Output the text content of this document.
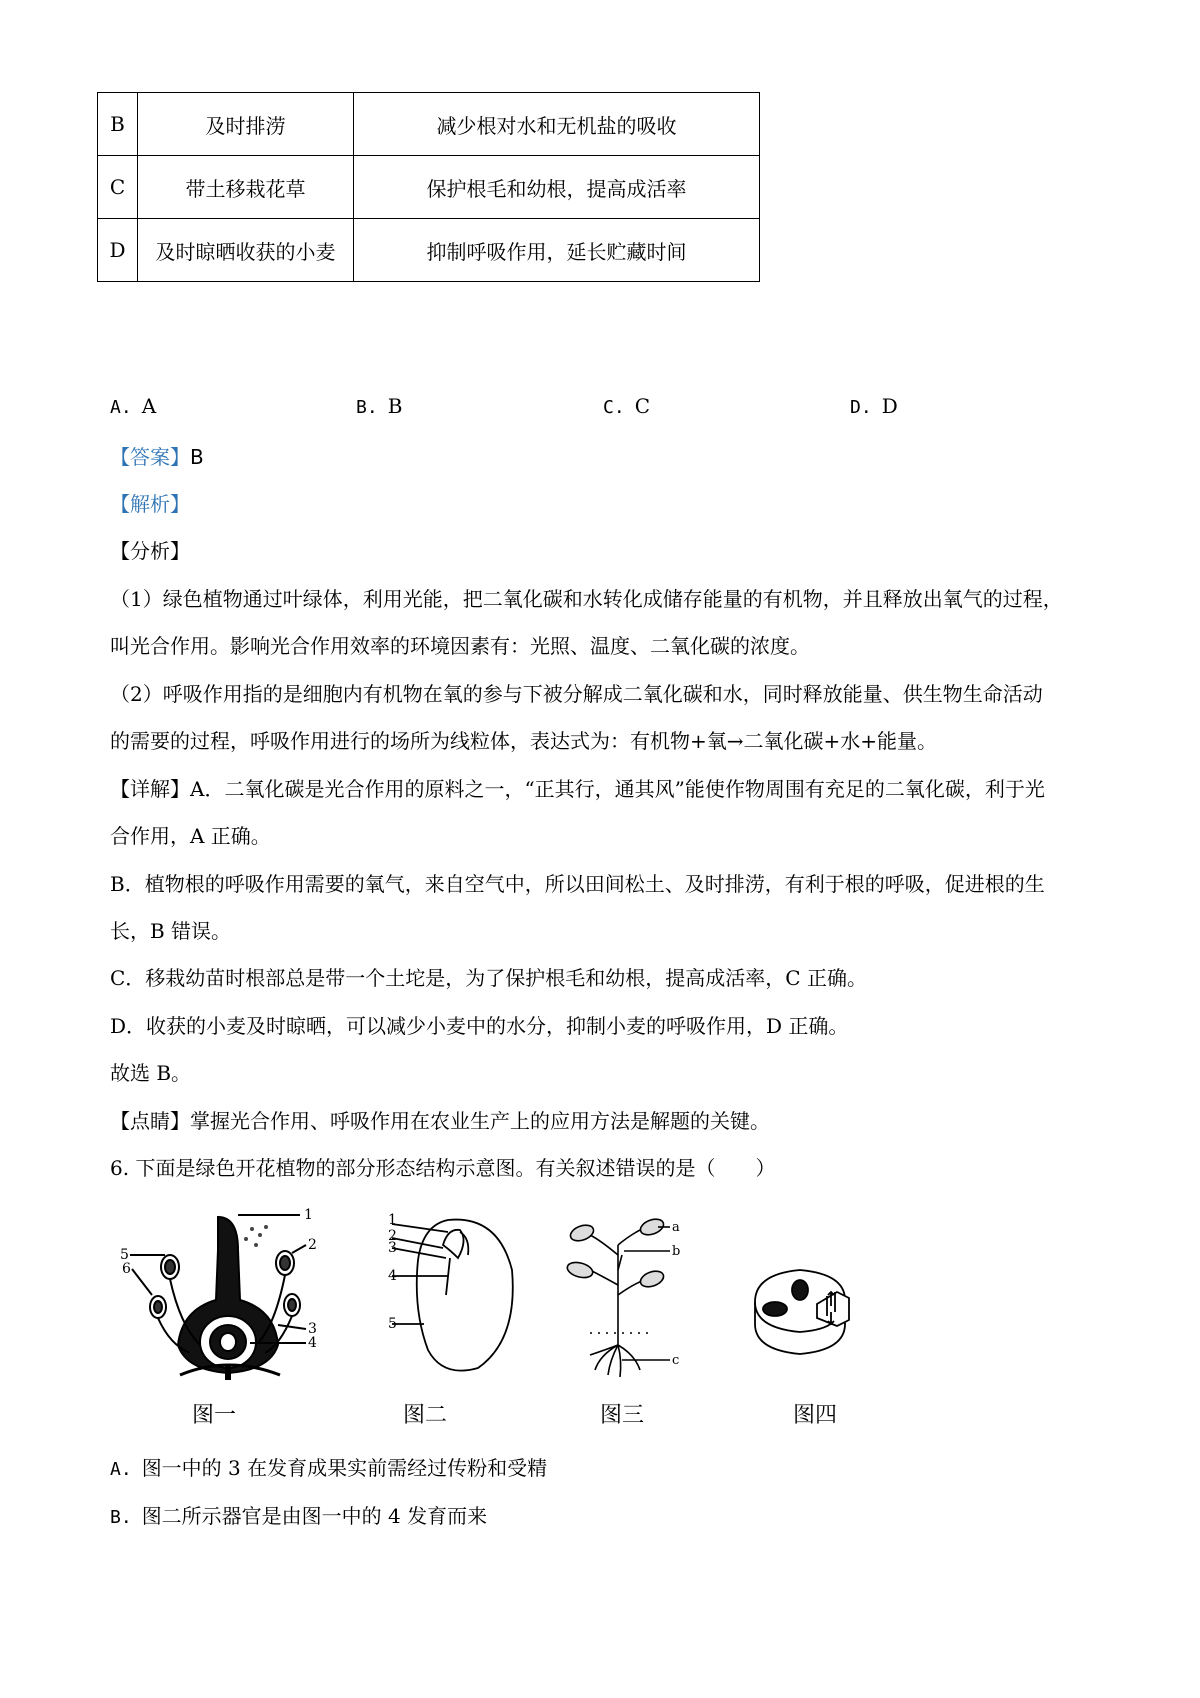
B	及时排涝	减少根对水和无机盐的吸收
C	带土移栽花草	保护根毛和幼根，提高成活率
D	及时晾晒收获的小麦	抑制呼吸作用，延长贮藏时间
A. A	B. B	C. C	D. D
【答案】B
【解析】
【分析】
（1）绿色植物通过叶绿体，利用光能，把二氧化碳和水转化成储存能量的有机物，并且释放出氧气的过程，
叫光合作用。影响光合作用效率的环境因素有：光照、温度、二氧化碳的浓度。
（2）呼吸作用指的是细胞内有机物在氧的参与下被分解成二氧化碳和水，同时释放能量、供生物生命活动
的需要的过程，呼吸作用进行的场所为线粒体，表达式为：有机物+氧→二氧化碳+水+能量。
【详解】A．二氧化碳是光合作用的原料之一，“正其行，通其风”能使作物周围有充足的二氧化碳，利于光
合作用，A 正确。
B．植物根的呼吸作用需要的氧气，来自空气中，所以田间松土、及时排涝，有利于根的呼吸，促进根的生
长，B 错误。
C．移栽幼苗时根部总是带一个土坨是，为了保护根毛和幼根，提高成活率，C 正确。
D．收获的小麦及时晾晒，可以减少小麦中的水分，抑制小麦的呼吸作用，D 正确。
故选 B。
【点睛】掌握光合作用、呼吸作用在农业生产上的应用方法是解题的关键。
6. 下面是绿色开花植物的部分形态结构示意图。有关叙述错误的是（　　）
1
2
3
4
5
6
图一
1
2
3
4
5
图二
a
b
c
图三	图四
A. 图一中的 3 在发育成果实前需经过传粉和受精
B. 图二所示器官是由图一中的 4 发育而来
